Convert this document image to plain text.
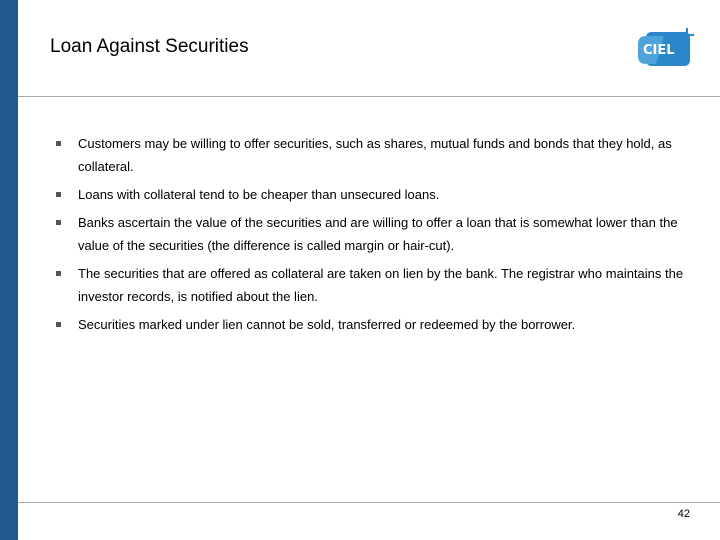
Loan Against Securities	CIEL
Customers may be willing to offer securities, such as shares, mutual funds and bonds that they hold, as collateral.
Loans with collateral tend to be cheaper than unsecured loans.
Banks ascertain the value of the securities and are willing to offer a loan that is somewhat lower than the value of the securities (the difference is called margin or hair-cut).
The securities that are offered as collateral are taken on lien by the bank. The registrar who maintains the investor records, is notified about the lien.
Securities marked under lien cannot be sold, transferred or redeemed by the borrower.
42
